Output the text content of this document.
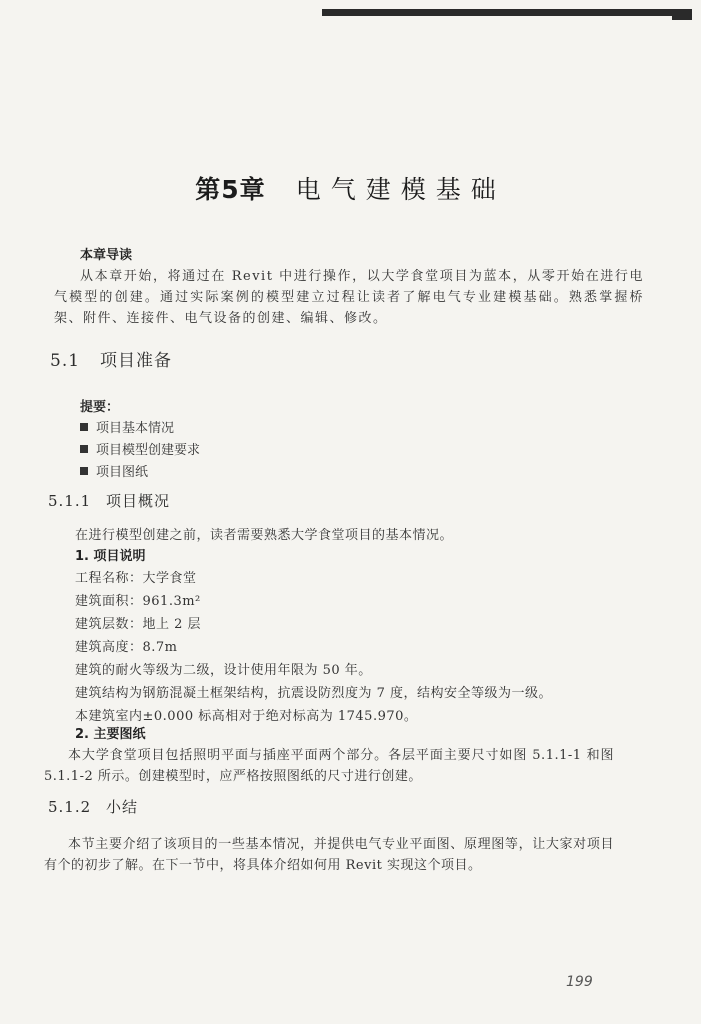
第5章 电气建模基础
本章导读
从本章开始，将通过在 Revit 中进行操作，以大学食堂项目为蓝本，从零开始在进行电气模型的创建。通过实际案例的模型建立过程让读者了解电气专业建模基础。熟悉掌握桥架、附件、连接件、电气设备的创建、编辑、修改。
5.1 项目准备
提要：
项目基本情况
项目模型创建要求
项目图纸
5.1.1 项目概况
在进行模型创建之前，读者需要熟悉大学食堂项目的基本情况。
1. 项目说明
工程名称：大学食堂
建筑面积：961.3m²
建筑层数：地上 2 层
建筑高度：8.7m
建筑的耐火等级为二级，设计使用年限为 50 年。
建筑结构为钢筋混凝土框架结构，抗震设防烈度为 7 度，结构安全等级为一级。
本建筑室内±0.000 标高相对于绝对标高为 1745.970。
2. 主要图纸
本大学食堂项目包括照明平面与插座平面两个部分。各层平面主要尺寸如图 5.1.1-1 和图 5.1.1-2 所示。创建模型时，应严格按照图纸的尺寸进行创建。
5.1.2 小结
本节主要介绍了该项目的一些基本情况，并提供电气专业平面图、原理图等，让大家对项目有个的初步了解。在下一节中，将具体介绍如何用 Revit 实现这个项目。
199
